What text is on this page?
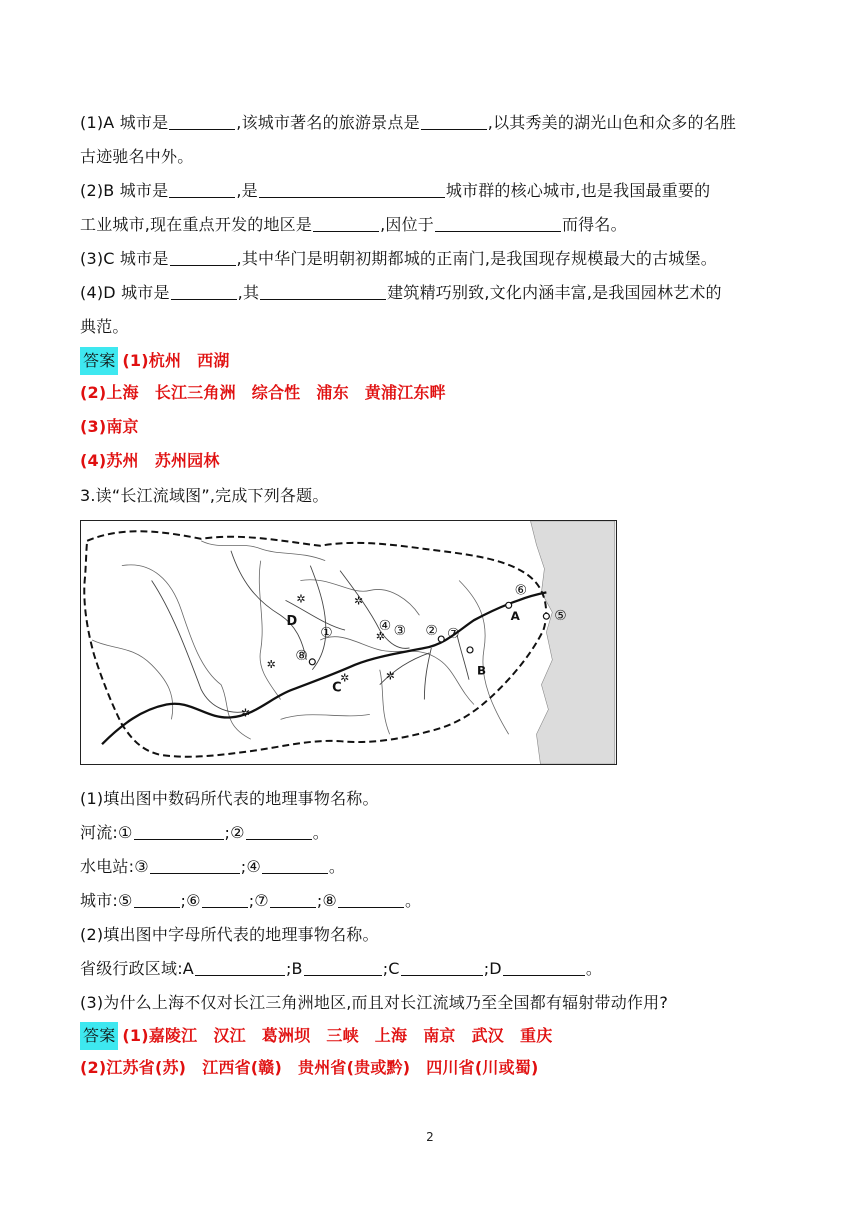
(1)A 城市是	,该城市著名的旅游景点是	,以其秀美的湖光山色和众多的名胜
古迹驰名中外。
(2)B 城市是	,是	城市群的核心城市,也是我国最重要的
工业城市,现在重点开发的地区是	,因位于	而得名。
(3)C 城市是	,其中华门是明朝初期都城的正南门,是我国现存规模最大的古城堡。
(4)D 城市是	,其	建筑精巧别致,文化内涵丰富,是我国园林艺术的
典范。
答案 (1)杭州 西湖
(2)上海 长江三角洲 综合性 浦东 黄浦江东畔
(3)南京
(4)苏州 苏州园林
3.读“长江流域图”,完成下列各题。
✲	✲
✲
✲
✲
✲
✲
D
C
A
B
①	②
③
④
⑤
⑥
⑦
⑧
(1)填出图中数码所代表的地理事物名称。
河流:①	;②	。
水电站:③	;④	。
城市:⑤	;⑥	;⑦	;⑧	。
(2)填出图中字母所代表的地理事物名称。
省级行政区域:A	;B	;C	;D	。
(3)为什么上海不仅对长江三角洲地区,而且对长江流域乃至全国都有辐射带动作用?
答案 (1)嘉陵江 汉江 葛洲坝 三峡 上海 南京 武汉 重庆
(2)江苏省(苏) 江西省(赣) 贵州省(贵或黔) 四川省(川或蜀)
2
